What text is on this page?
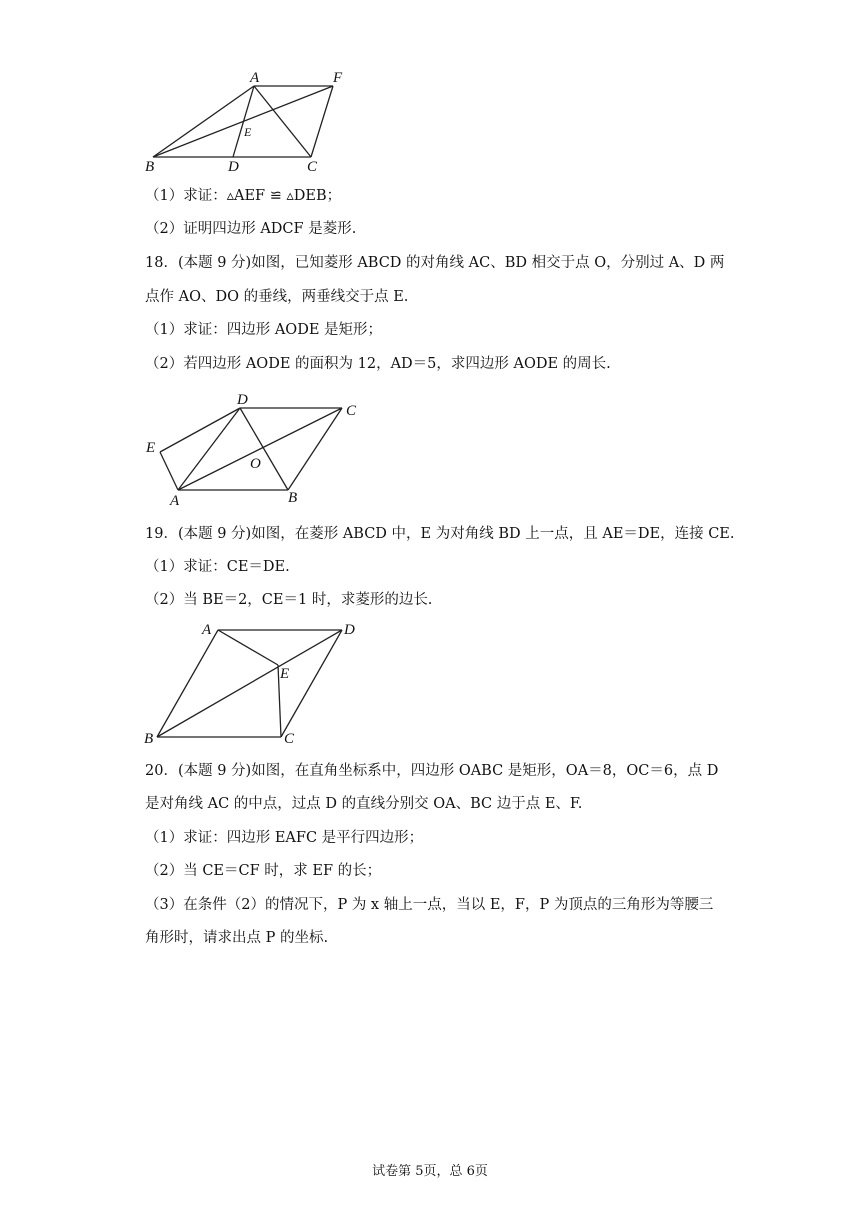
A	F
E
B	D	C
（1）求证：▵AEF ≌ ▵DEB；
（2）证明四边形 ADCF 是菱形.
18．(本题 9 分)如图，已知菱形 ABCD 的对角线 AC、BD 相交于点 O，分别过 A、D 两
点作 AO、DO 的垂线，两垂线交于点 E.
（1）求证：四边形 AODE 是矩形；
（2）若四边形 AODE 的面积为 12，AD＝5，求四边形 AODE 的周长.
D
C
E
O
A	B
19．(本题 9 分)如图，在菱形 ABCD 中，E 为对角线 BD 上一点，且 AE＝DE，连接 CE.
（1）求证：CE＝DE.
（2）当 BE＝2，CE＝1 时，求菱形的边长.
A	D
E
B	C
20．(本题 9 分)如图，在直角坐标系中，四边形 OABC 是矩形，OA＝8，OC＝6，点 D
是对角线 AC 的中点，过点 D 的直线分别交 OA、BC 边于点 E、F.
（1）求证：四边形 EAFC 是平行四边形；
（2）当 CE＝CF 时，求 EF 的长；
（3）在条件（2）的情况下，P 为 x 轴上一点，当以 E，F，P 为顶点的三角形为等腰三
角形时，请求出点 P 的坐标.
试卷第 5页，总 6页
